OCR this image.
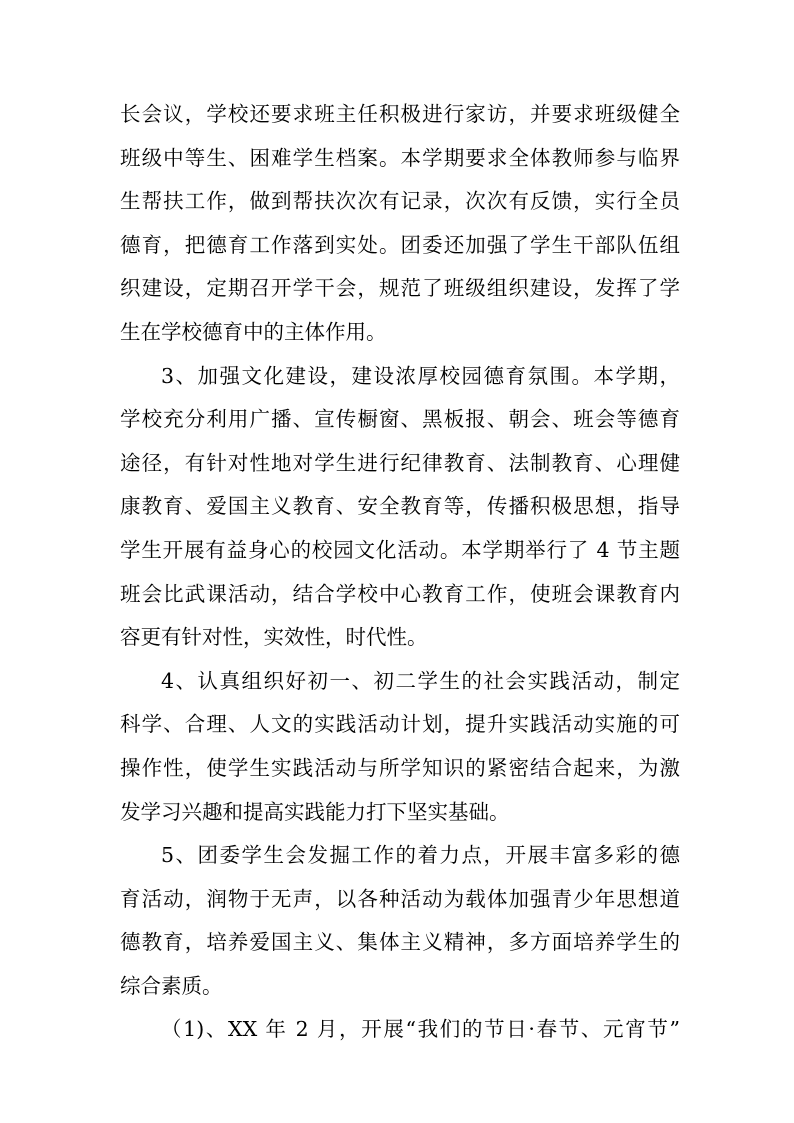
长会议，学校还要求班主任积极进行家访，并要求班级健全
班级中等生、困难学生档案。本学期要求全体教师参与临界
生帮扶工作，做到帮扶次次有记录，次次有反馈，实行全员
德育，把德育工作落到实处。团委还加强了学生干部队伍组
织建设，定期召开学干会，规范了班级组织建设，发挥了学
生在学校德育中的主体作用。
3、加强文化建设，建设浓厚校园德育氛围。本学期，
学校充分利用广播、宣传橱窗、黑板报、朝会、班会等德育
途径，有针对性地对学生进行纪律教育、法制教育、心理健
康教育、爱国主义教育、安全教育等，传播积极思想，指导
学生开展有益身心的校园文化活动。本学期举行了 4 节主题
班会比武课活动，结合学校中心教育工作，使班会课教育内
容更有针对性，实效性，时代性。
4、认真组织好初一、初二学生的社会实践活动，制定
科学、合理、人文的实践活动计划，提升实践活动实施的可
操作性，使学生实践活动与所学知识的紧密结合起来，为激
发学习兴趣和提高实践能力打下坚实基础。
5、团委学生会发掘工作的着力点，开展丰富多彩的德
育活动，润物于无声，以各种活动为载体加强青少年思想道
德教育，培养爱国主义、集体主义精神，多方面培养学生的
综合素质。
（1)、XX 年 2 月，开展“我们的节日·春节、元宵节”
